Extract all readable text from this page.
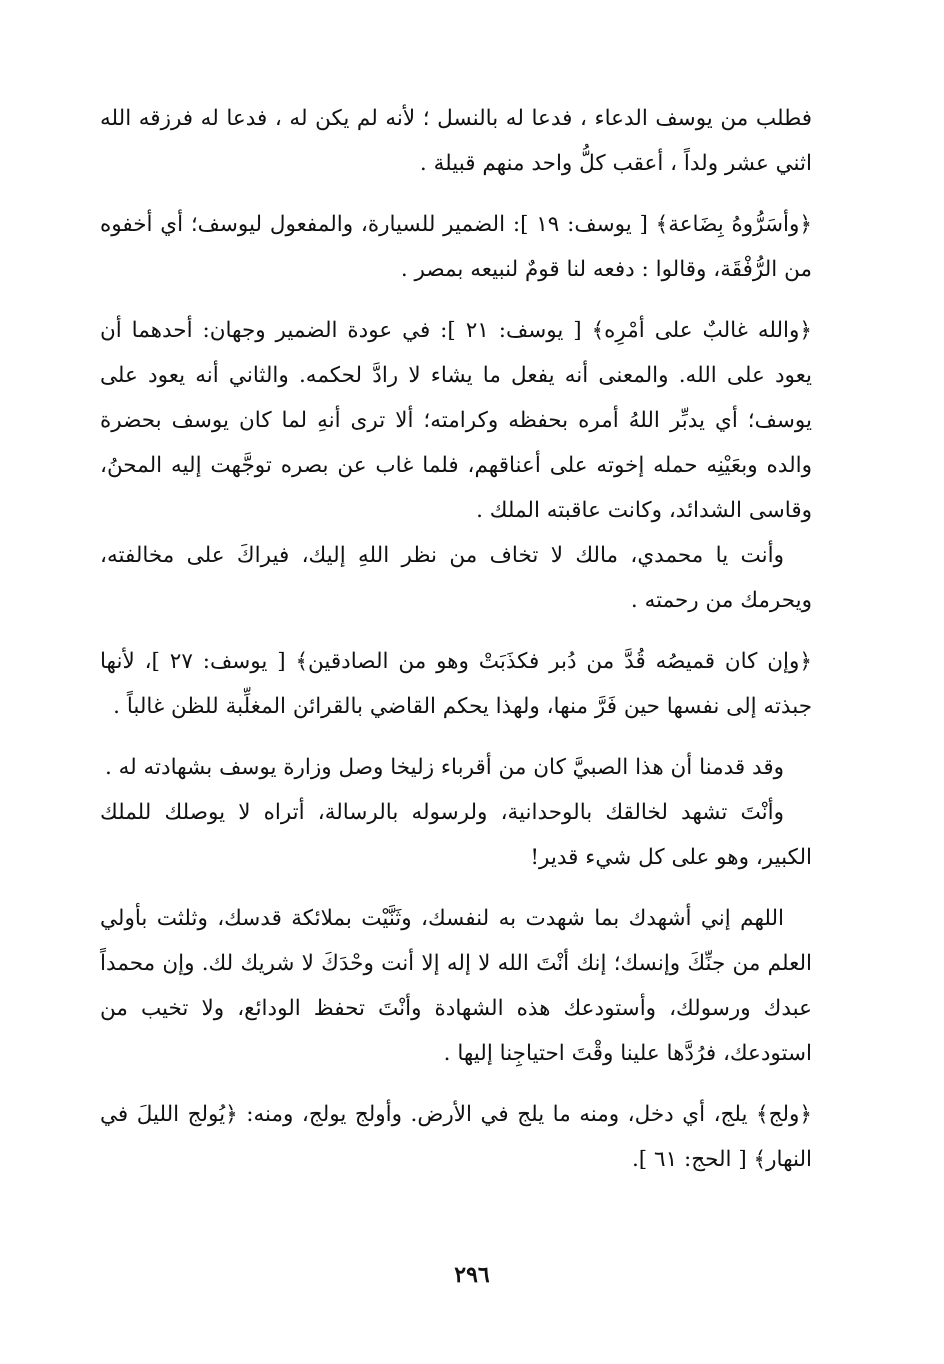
فطلب من يوسف الدعاء ، فدعا له بالنسل ؛ لأنه لم يكن له ، فدعا له فرزقه الله اثني عشر ولداً ، أعقب كلُّ واحد منهم قبيلة .

﴿وأسَرُّوهُ بِضَاعة﴾ [ يوسف: ١٩ ]: الضمير للسيارة، والمفعول ليوسف؛ أي أخفوه من الرُّفْقَة، وقالوا : دفعه لنا قومٌ لنبيعه بمصر .

﴿والله غالبٌ على أمْرِه﴾ [ يوسف: ٢١ ]: في عودة الضمير وجهان: أحدهما أن يعود على الله. والمعنى أنه يفعل ما يشاء لا رادَّ لحكمه. والثاني أنه يعود على يوسف؛ أي يدبِّر اللهُ أمره بحفظه وكرامته؛ ألا ترى أنهِ لما كان يوسف بحضرة والده وبعَيْنِه حمله إخوته على أعناقهم، فلما غاب عن بصره توجَّهت إليه المحنُ، وقاسى الشدائد، وكانت عاقبته الملك .

وأنت يا محمدي، مالك لا تخاف من نظر اللهِ إليك، فيراكَ على مخالفته، ويحرمك من رحمته .

﴿وإن كان قميصُه قُدَّ من دُبر فكذَبَتْ وهو من الصادقين﴾ [ يوسف: ٢٧ ]، لأنها جبذته إلى نفسها حين فَرَّ منها، ولهذا يحكم القاضي بالقرائن المغلِّبة للظن غالباً .

وقد قدمنا أن هذا الصبيَّ كان من أقرباء زليخا وصل وزارة يوسف بشهادته له .

وأنْتَ تشهد لخالقك بالوحدانية، ولرسوله بالرسالة، أتراه لا يوصلك للملك الكبير، وهو على كل شيء قدير!

اللهم إني أشهدك بما شهدت به لنفسك، وثَنَّيْت بملائكة قدسك، وثلثت بأولي العلم من جنِّكَ وإنسك؛ إنك أنْتَ الله لا إله إلا أنت وحْدَكَ لا شريك لك. وإن محمداً عبدك ورسولك، وأستودعك هذه الشهادة وأنْتَ تحفظ الودائع، ولا تخيب من استودعك، فرُدَّها علينا وقْتَ احتياجِنا إليها .

﴿ولج﴾ يلج، أي دخل، ومنه ما يلج في الأرض. وأولج يولج، ومنه: ﴿يُولج الليلَ في النهار﴾ [ الحج: ٦١ ].

٢٩٦
